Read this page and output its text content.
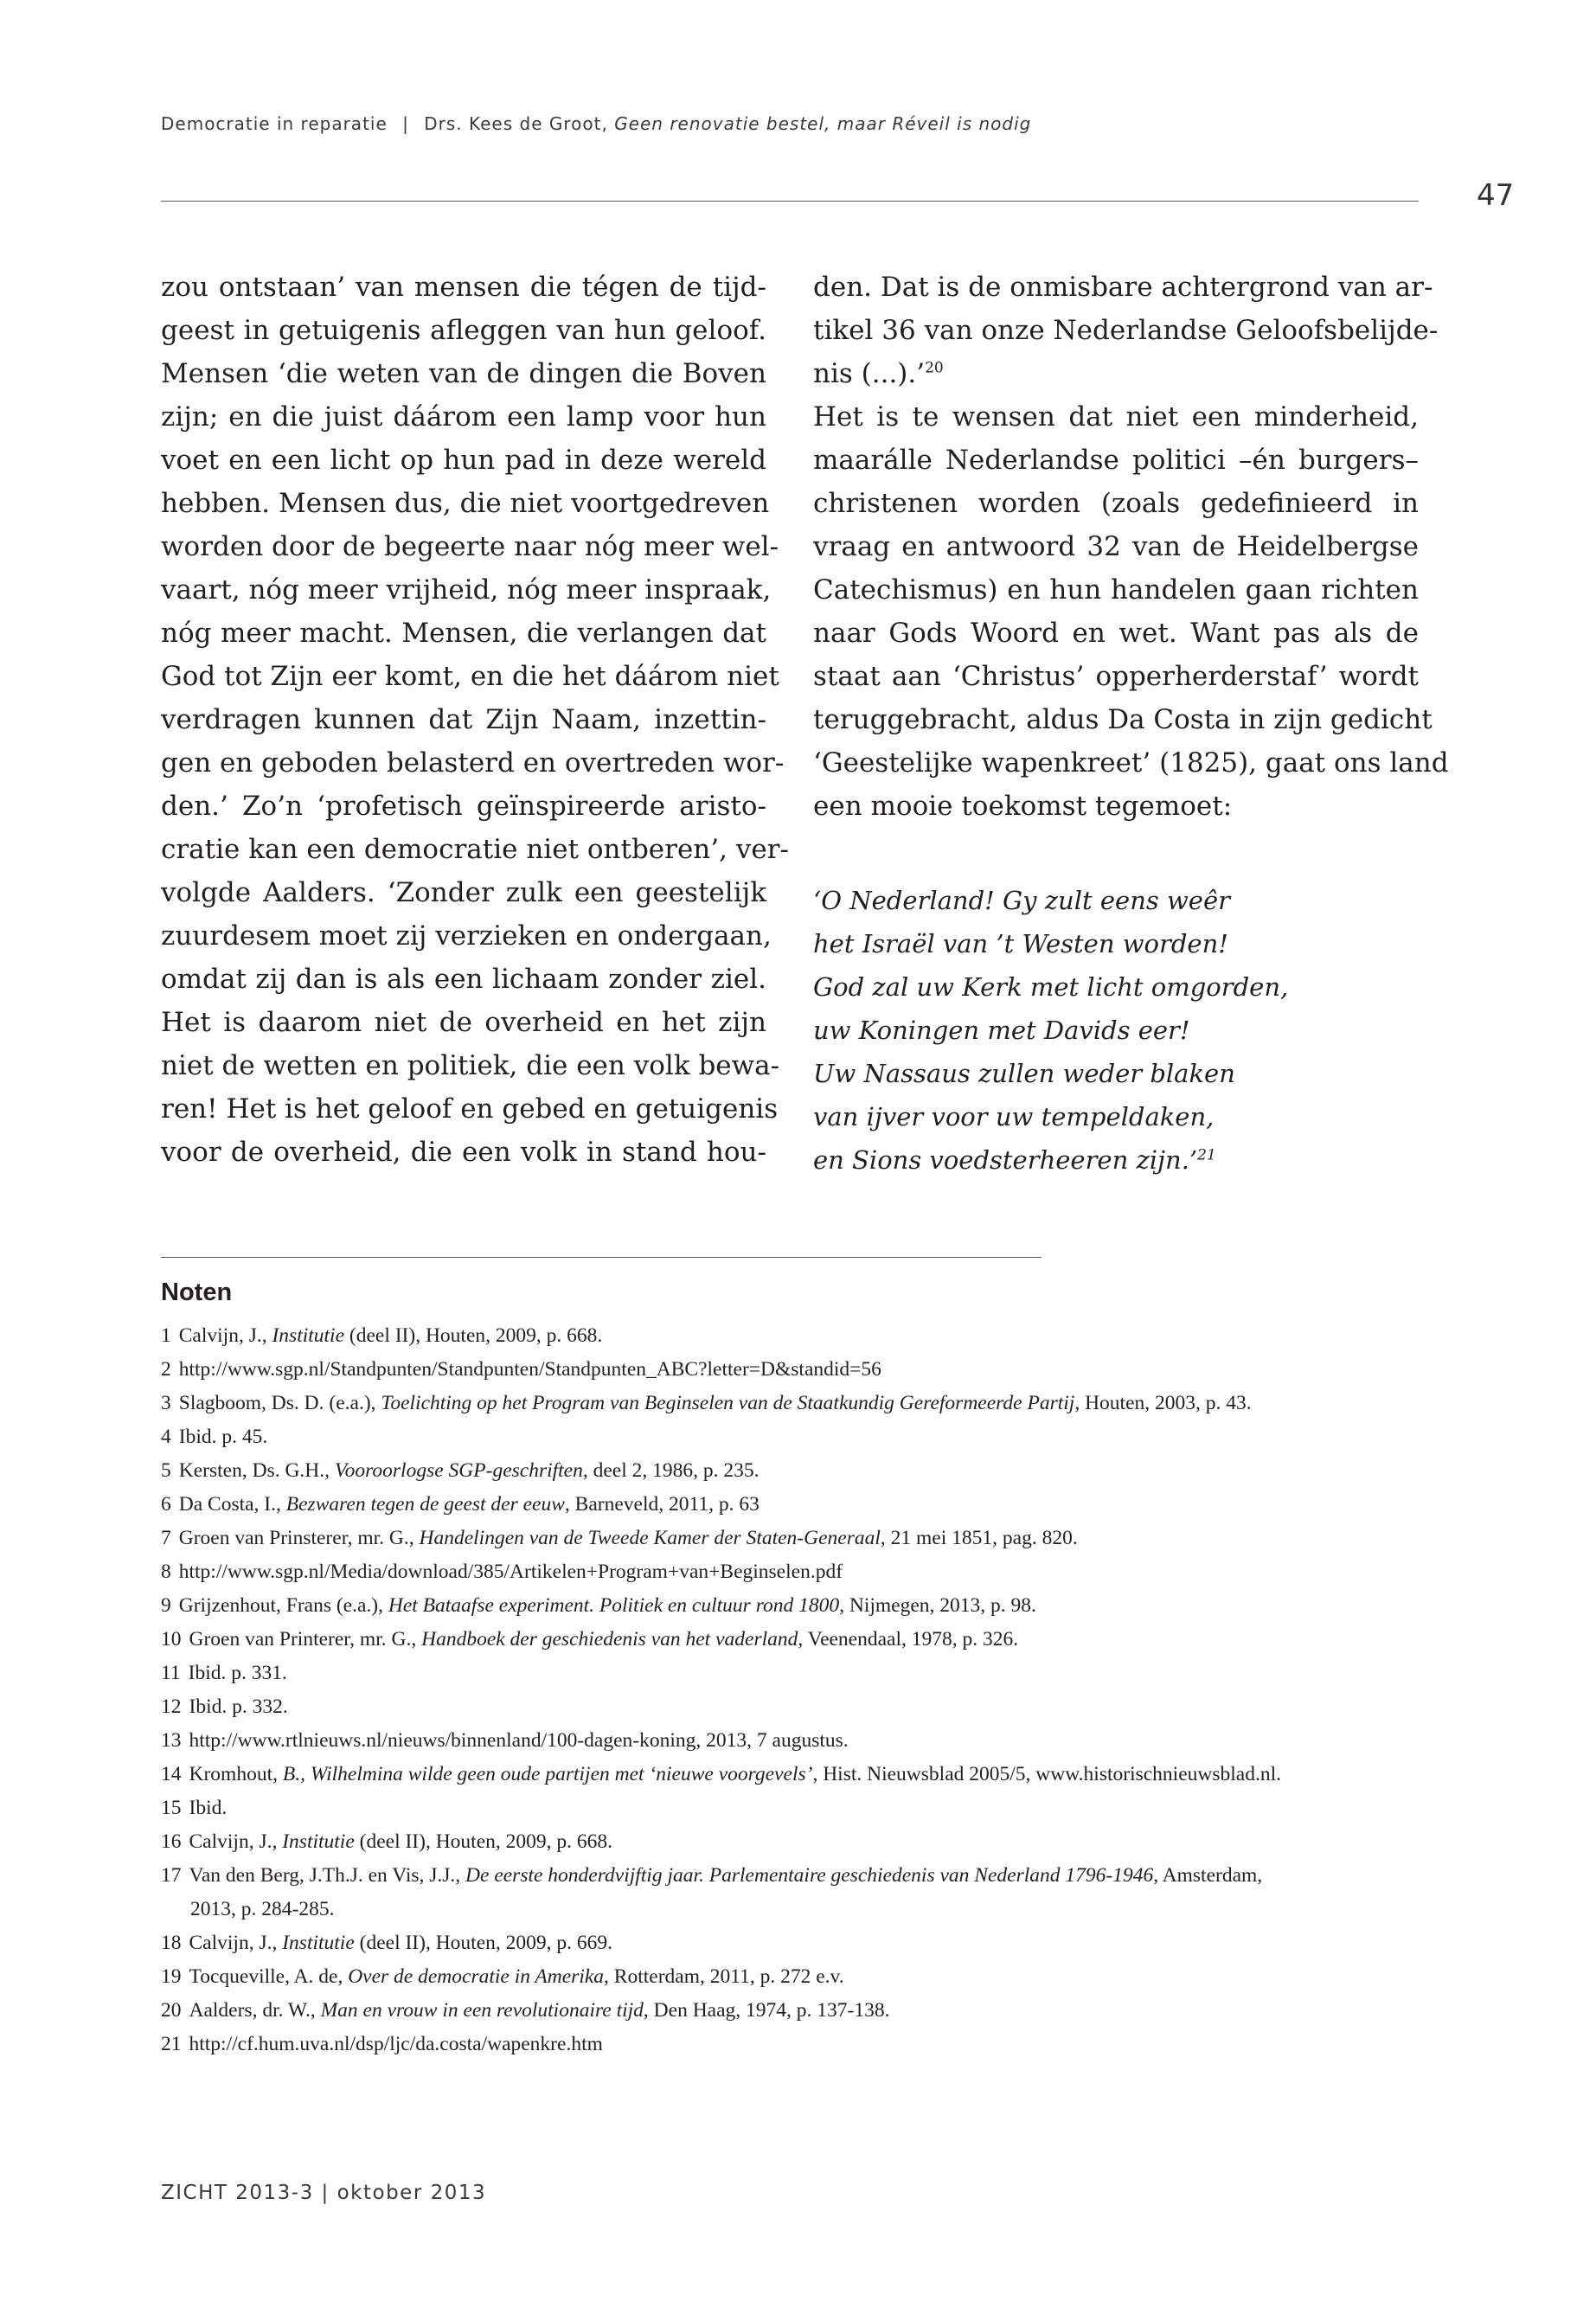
Democratie in reparatie | Drs. Kees de Groot, Geen renovatie bestel, maar Réveil is nodig
47
zou ontstaan’ van mensen die tégen de tijd-
geest in getuigenis afleggen van hun geloof.
Mensen ‘die weten van de dingen die Boven
zijn; en die juist dáárom een lamp voor hun
voet en een licht op hun pad in deze wereld
hebben. Mensen dus, die niet voortgedreven
worden door de begeerte naar nóg meer wel-
vaart, nóg meer vrijheid, nóg meer inspraak,
nóg meer macht. Mensen, die verlangen dat
God tot Zijn eer komt, en die het dáárom niet
verdragen kunnen dat Zijn Naam, inzettin-
gen en geboden belasterd en overtreden wor-
den.’ Zo’n ‘profetisch geïnspireerde aristo-
cratie kan een democratie niet ontberen’, ver-
volgde Aalders. ‘Zonder zulk een geestelijk
zuurdesem moet zij verzieken en ondergaan,
omdat zij dan is als een lichaam zonder ziel.
Het is daarom niet de overheid en het zijn
niet de wetten en politiek, die een volk bewa-
ren! Het is het geloof en gebed en getuigenis
voor de overheid, die een volk in stand hou-
den. Dat is de onmisbare achtergrond van ar-
tikel 36 van onze Nederlandse Geloofsbelijde-
nis (...).’$^{20}$
Het is te wensen dat niet een minderheid,
maarálle Nederlandse politici –én burgers–
christenen worden (zoals gedefinieerd in
vraag en antwoord 32 van de Heidelbergse
Catechismus) en hun handelen gaan richten
naar Gods Woord en wet. Want pas als de
staat aan ‘Christus’ opperherderstaf’ wordt
teruggebracht, aldus Da Costa in zijn gedicht
‘Geestelijke wapenkreet’ (1825), gaat ons land
een mooie toekomst tegemoet:
‘O Nederland! Gy zult eens weêr
het Israël van ’t Westen worden!
God zal uw Kerk met licht omgorden,
uw Koningen met Davids eer!
Uw Nassaus zullen weder blaken
van ijver voor uw tempeldaken,
en Sions voedsterheeren zijn.’$^{21}$
Noten
1 Calvijn, J., Institutie (deel II), Houten, 2009, p. 668.
2 http://www.sgp.nl/Standpunten/Standpunten/Standpunten_ABC?letter=D&standid=56
3 Slagboom, Ds. D. (e.a.), Toelichting op het Program van Beginselen van de Staatkundig Gereformeerde Partij, Houten, 2003, p. 43.
4 Ibid. p. 45.
5 Kersten, Ds. G.H., Vooroorlogse SGP-geschriften, deel 2, 1986, p. 235.
6 Da Costa, I., Bezwaren tegen de geest der eeuw, Barneveld, 2011, p. 63
7 Groen van Prinsterer, mr. G., Handelingen van de Tweede Kamer der Staten-Generaal, 21 mei 1851, pag. 820.
8 http://www.sgp.nl/Media/download/385/Artikelen+Program+van+Beginselen.pdf
9 Grijzenhout, Frans (e.a.), Het Bataafse experiment. Politiek en cultuur rond 1800, Nijmegen, 2013, p. 98.
10 Groen van Printerer, mr. G., Handboek der geschiedenis van het vaderland, Veenendaal, 1978, p. 326.
11 Ibid. p. 331.
12 Ibid. p. 332.
13 http://www.rtlnieuws.nl/nieuws/binnenland/100-dagen-koning, 2013, 7 augustus.
14 Kromhout, B., Wilhelmina wilde geen oude partijen met ‘nieuwe voorgevels’, Hist. Nieuwsblad 2005/5, www.historischnieuwsblad.nl.
15 Ibid.
16 Calvijn, J., Institutie (deel II), Houten, 2009, p. 668.
17 Van den Berg, J.Th.J. en Vis, J.J., De eerste honderdvijftig jaar. Parlementaire geschiedenis van Nederland 1796-1946, Amsterdam,
2013, p. 284-285.
18 Calvijn, J., Institutie (deel II), Houten, 2009, p. 669.
19 Tocqueville, A. de, Over de democratie in Amerika, Rotterdam, 2011, p. 272 e.v.
20 Aalders, dr. W., Man en vrouw in een revolutionaire tijd, Den Haag, 1974, p. 137-138.
21 http://cf.hum.uva.nl/dsp/ljc/da.costa/wapenkre.htm
ZICHT 2013-3 | oktober 2013
